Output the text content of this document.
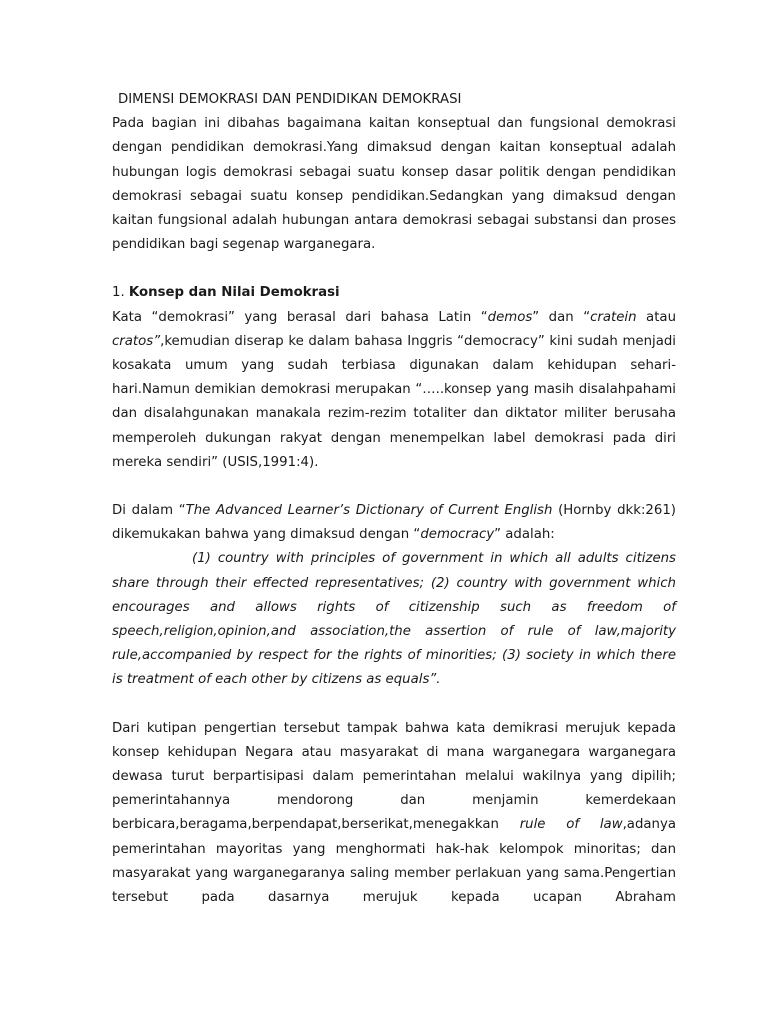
DIMENSI DEMOKRASI DAN PENDIDIKAN DEMOKRASI

Pada bagian ini dibahas bagaimana kaitan konseptual dan fungsional demokrasi dengan pendidikan demokrasi.Yang dimaksud dengan kaitan konseptual adalah hubungan logis demokrasi sebagai suatu konsep dasar politik dengan pendidikan demokrasi sebagai suatu konsep pendidikan.Sedangkan yang dimaksud dengan kaitan fungsional adalah hubungan antara demokrasi sebagai substansi dan proses pendidikan bagi segenap warganegara.

1. Konsep dan Nilai Demokrasi

Kata “demokrasi” yang berasal dari bahasa Latin “demos” dan “cratein atau cratos”,kemudian diserap ke dalam bahasa Inggris “democracy” kini sudah menjadi kosakata umum yang sudah terbiasa digunakan dalam kehidupan sehari-hari.Namun demikian demokrasi merupakan “…..konsep yang masih disalahpahami dan disalahgunakan manakala rezim-rezim totaliter dan diktator militer berusaha memperoleh dukungan rakyat dengan menempelkan label demokrasi pada diri mereka sendiri” (USIS,1991:4).

Di dalam “The Advanced Learner’s Dictionary of Current English (Hornby dkk:261) dikemukakan bahwa yang dimaksud dengan “democracy” adalah:

(1) country with principles of government in which all adults citizens share through their effected representatives; (2) country with government which encourages and allows rights of citizenship such as freedom of speech,religion,opinion,and association,the assertion of rule of law,majority rule,accompanied by respect for the rights of minorities; (3) society in which there is treatment of each other by citizens as equals”.

Dari kutipan pengertian tersebut tampak bahwa kata demikrasi merujuk kepada konsep kehidupan Negara atau masyarakat di mana warganegara warganegara dewasa turut berpartisipasi dalam pemerintahan melalui wakilnya yang dipilih; pemerintahannya mendorong dan menjamin kemerdekaan berbicara,beragama,berpendapat,berserikat,menegakkan rule of law,adanya pemerintahan mayoritas yang menghormati hak-hak kelompok minoritas; dan masyarakat yang warganegaranya saling member perlakuan yang sama.Pengertian tersebut pada dasarnya merujuk kepada ucapan Abraham
